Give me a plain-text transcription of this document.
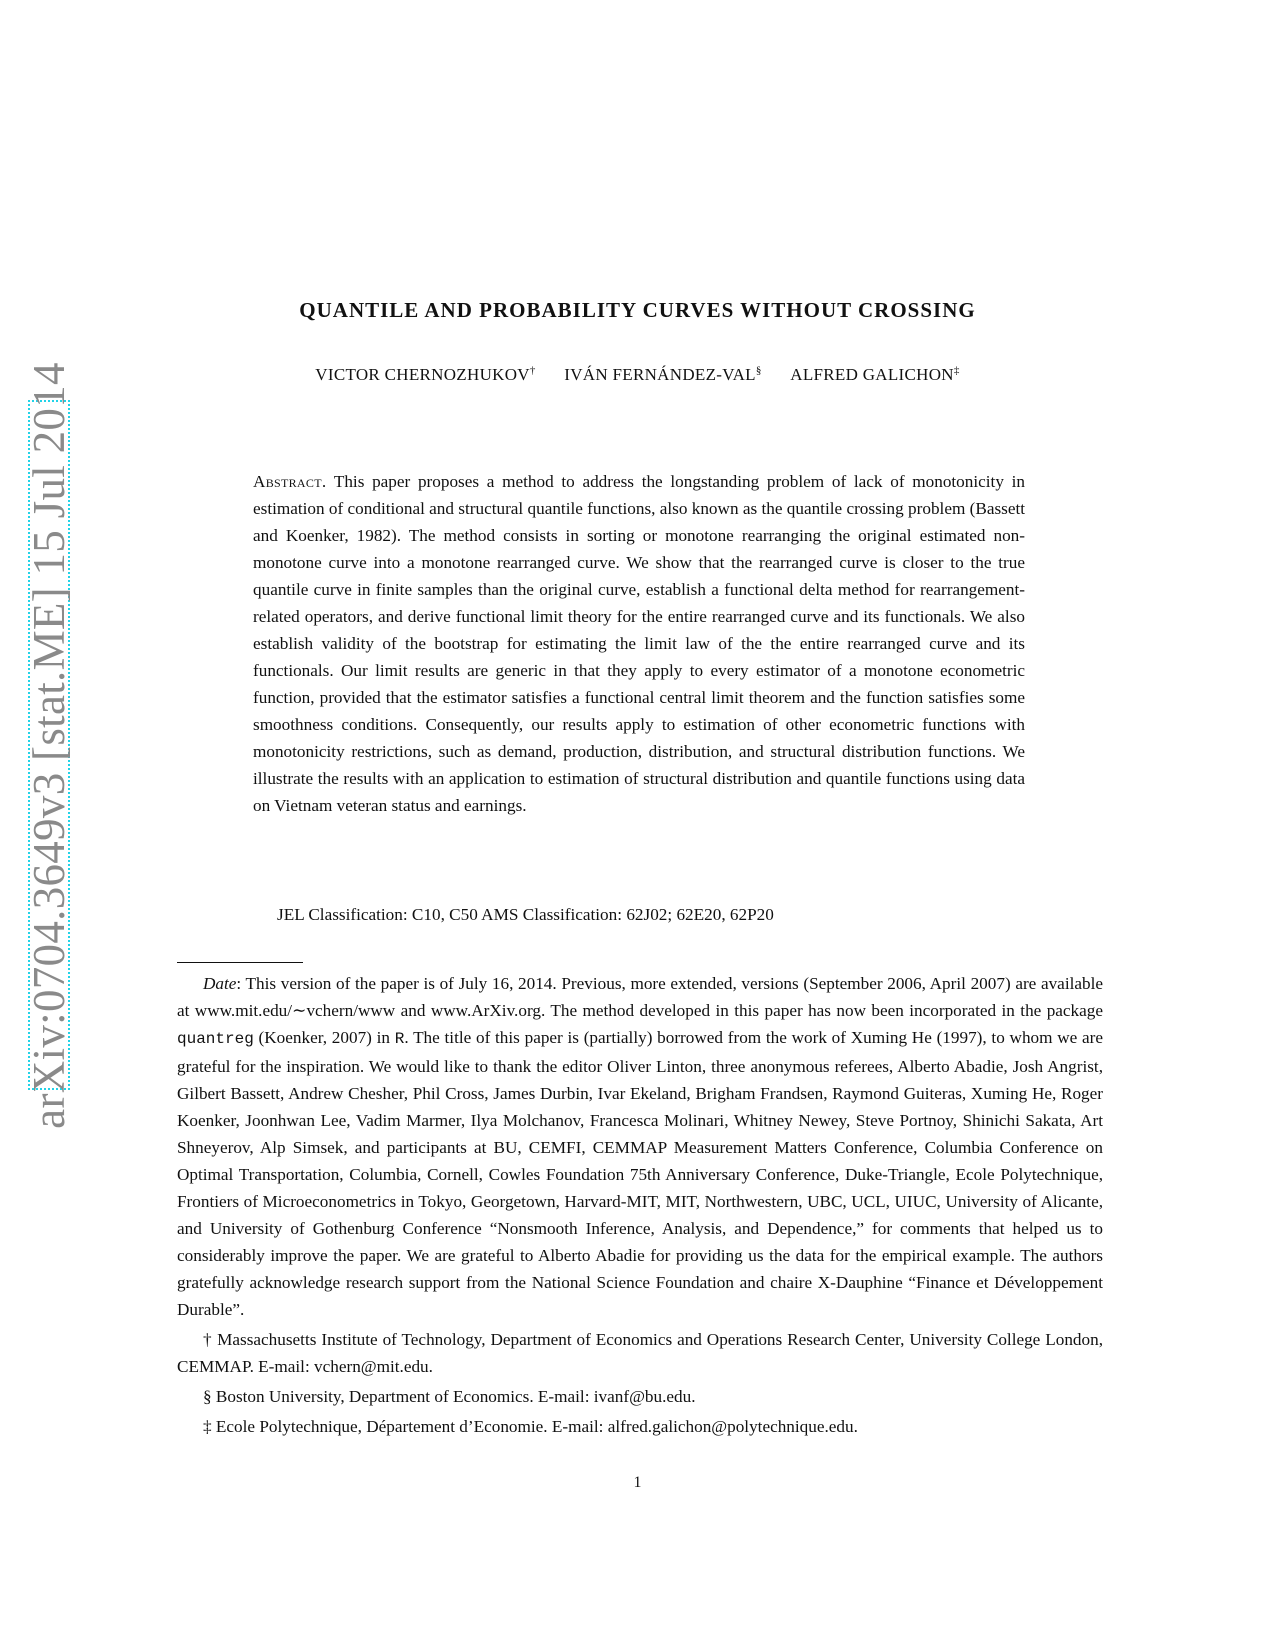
arXiv:0704.3649v3 [stat.ME] 15 Jul 2014
QUANTILE AND PROBABILITY CURVES WITHOUT CROSSING
VICTOR CHERNOZHUKOV† IVÁN FERNÁNDEZ-VAL§ ALFRED GALICHON‡

Abstract. This paper proposes a method to address the longstanding problem of lack of monotonicity in estimation of conditional and structural quantile functions, also known as the quantile crossing problem (Bassett and Koenker, 1982). The method consists in sorting or monotone rearranging the original estimated non-monotone curve into a monotone rearranged curve. We show that the rearranged curve is closer to the true quantile curve in finite samples than the original curve, establish a functional delta method for rearrangement-related operators, and derive functional limit theory for the entire rearranged curve and its functionals. We also establish validity of the bootstrap for estimating the limit law of the the entire rearranged curve and its functionals. Our limit results are generic in that they apply to every estimator of a monotone econometric function, provided that the estimator satisfies a functional central limit theorem and the function satisfies some smoothness conditions. Consequently, our results apply to estimation of other econometric functions with monotonicity restrictions, such as demand, production, distribution, and structural distribution functions. We illustrate the results with an application to estimation of structural distribution and quantile functions using data on Vietnam veteran status and earnings.

JEL Classification: C10, C50 AMS Classification: 62J02; 62E20, 62P20

Date: This version of the paper is of July 16, 2014. Previous, more extended, versions (September 2006, April 2007) are available at www.mit.edu/∼vchern/www and www.ArXiv.org. The method developed in this paper has now been incorporated in the package quantreg (Koenker, 2007) in R. The title of this paper is (partially) borrowed from the work of Xuming He (1997), to whom we are grateful for the inspiration. We would like to thank the editor Oliver Linton, three anonymous referees, Alberto Abadie, Josh Angrist, Gilbert Bassett, Andrew Chesher, Phil Cross, James Durbin, Ivar Ekeland, Brigham Frandsen, Raymond Guiteras, Xuming He, Roger Koenker, Joonhwan Lee, Vadim Marmer, Ilya Molchanov, Francesca Molinari, Whitney Newey, Steve Portnoy, Shinichi Sakata, Art Shneyerov, Alp Simsek, and participants at BU, CEMFI, CEMMAP Measurement Matters Conference, Columbia Conference on Optimal Transportation, Columbia, Cornell, Cowles Foundation 75th Anniversary Conference, Duke-Triangle, Ecole Polytechnique, Frontiers of Microeconometrics in Tokyo, Georgetown, Harvard-MIT, MIT, Northwestern, UBC, UCL, UIUC, University of Alicante, and University of Gothenburg Conference “Nonsmooth Inference, Analysis, and Dependence,” for comments that helped us to considerably improve the paper. We are grateful to Alberto Abadie for providing us the data for the empirical example. The authors gratefully acknowledge research support from the National Science Foundation and chaire X-Dauphine “Finance et Développement Durable”.

† Massachusetts Institute of Technology, Department of Economics and Operations Research Center, University College London, CEMMAP. E-mail: vchern@mit.edu.

§ Boston University, Department of Economics. E-mail: ivanf@bu.edu.

‡ Ecole Polytechnique, Département d’Economie. E-mail: alfred.galichon@polytechnique.edu.

1
